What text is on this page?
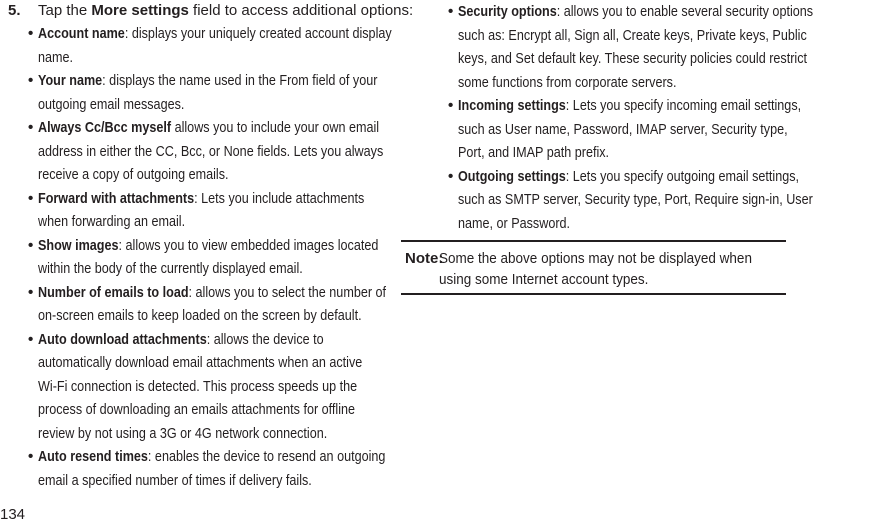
5. Tap the More settings field to access additional options:
• Account name: displays your uniquely created account display
name.
• Your name: displays the name used in the From field of your
outgoing email messages.
• Always Cc/Bcc myself allows you to include your own email
address in either the CC, Bcc, or None fields. Lets you always
receive a copy of outgoing emails.
• Forward with attachments: Lets you include attachments
when forwarding an email.
• Show images: allows you to view embedded images located
within the body of the currently displayed email.
• Number of emails to load: allows you to select the number of
on-screen emails to keep loaded on the screen by default.
• Auto download attachments: allows the device to
automatically download email attachments when an active
Wi-Fi connection is detected. This process speeds up the
process of downloading an emails attachments for offline
review by not using a 3G or 4G network connection.
• Auto resend times: enables the device to resend an outgoing
email a specified number of times if delivery fails.
• Security options: allows you to enable several security options
such as: Encrypt all, Sign all, Create keys, Private keys, Public
keys, and Set default key. These security policies could restrict
some functions from corporate servers.
• Incoming settings: Lets you specify incoming email settings,
such as User name, Password, IMAP server, Security type,
Port, and IMAP path prefix.
• Outgoing settings: Lets you specify outgoing email settings,
such as SMTP server, Security type, Port, Require sign-in, User
name, or Password.
Note:
Some the above options may not be displayed when
using some Internet account types.
134
